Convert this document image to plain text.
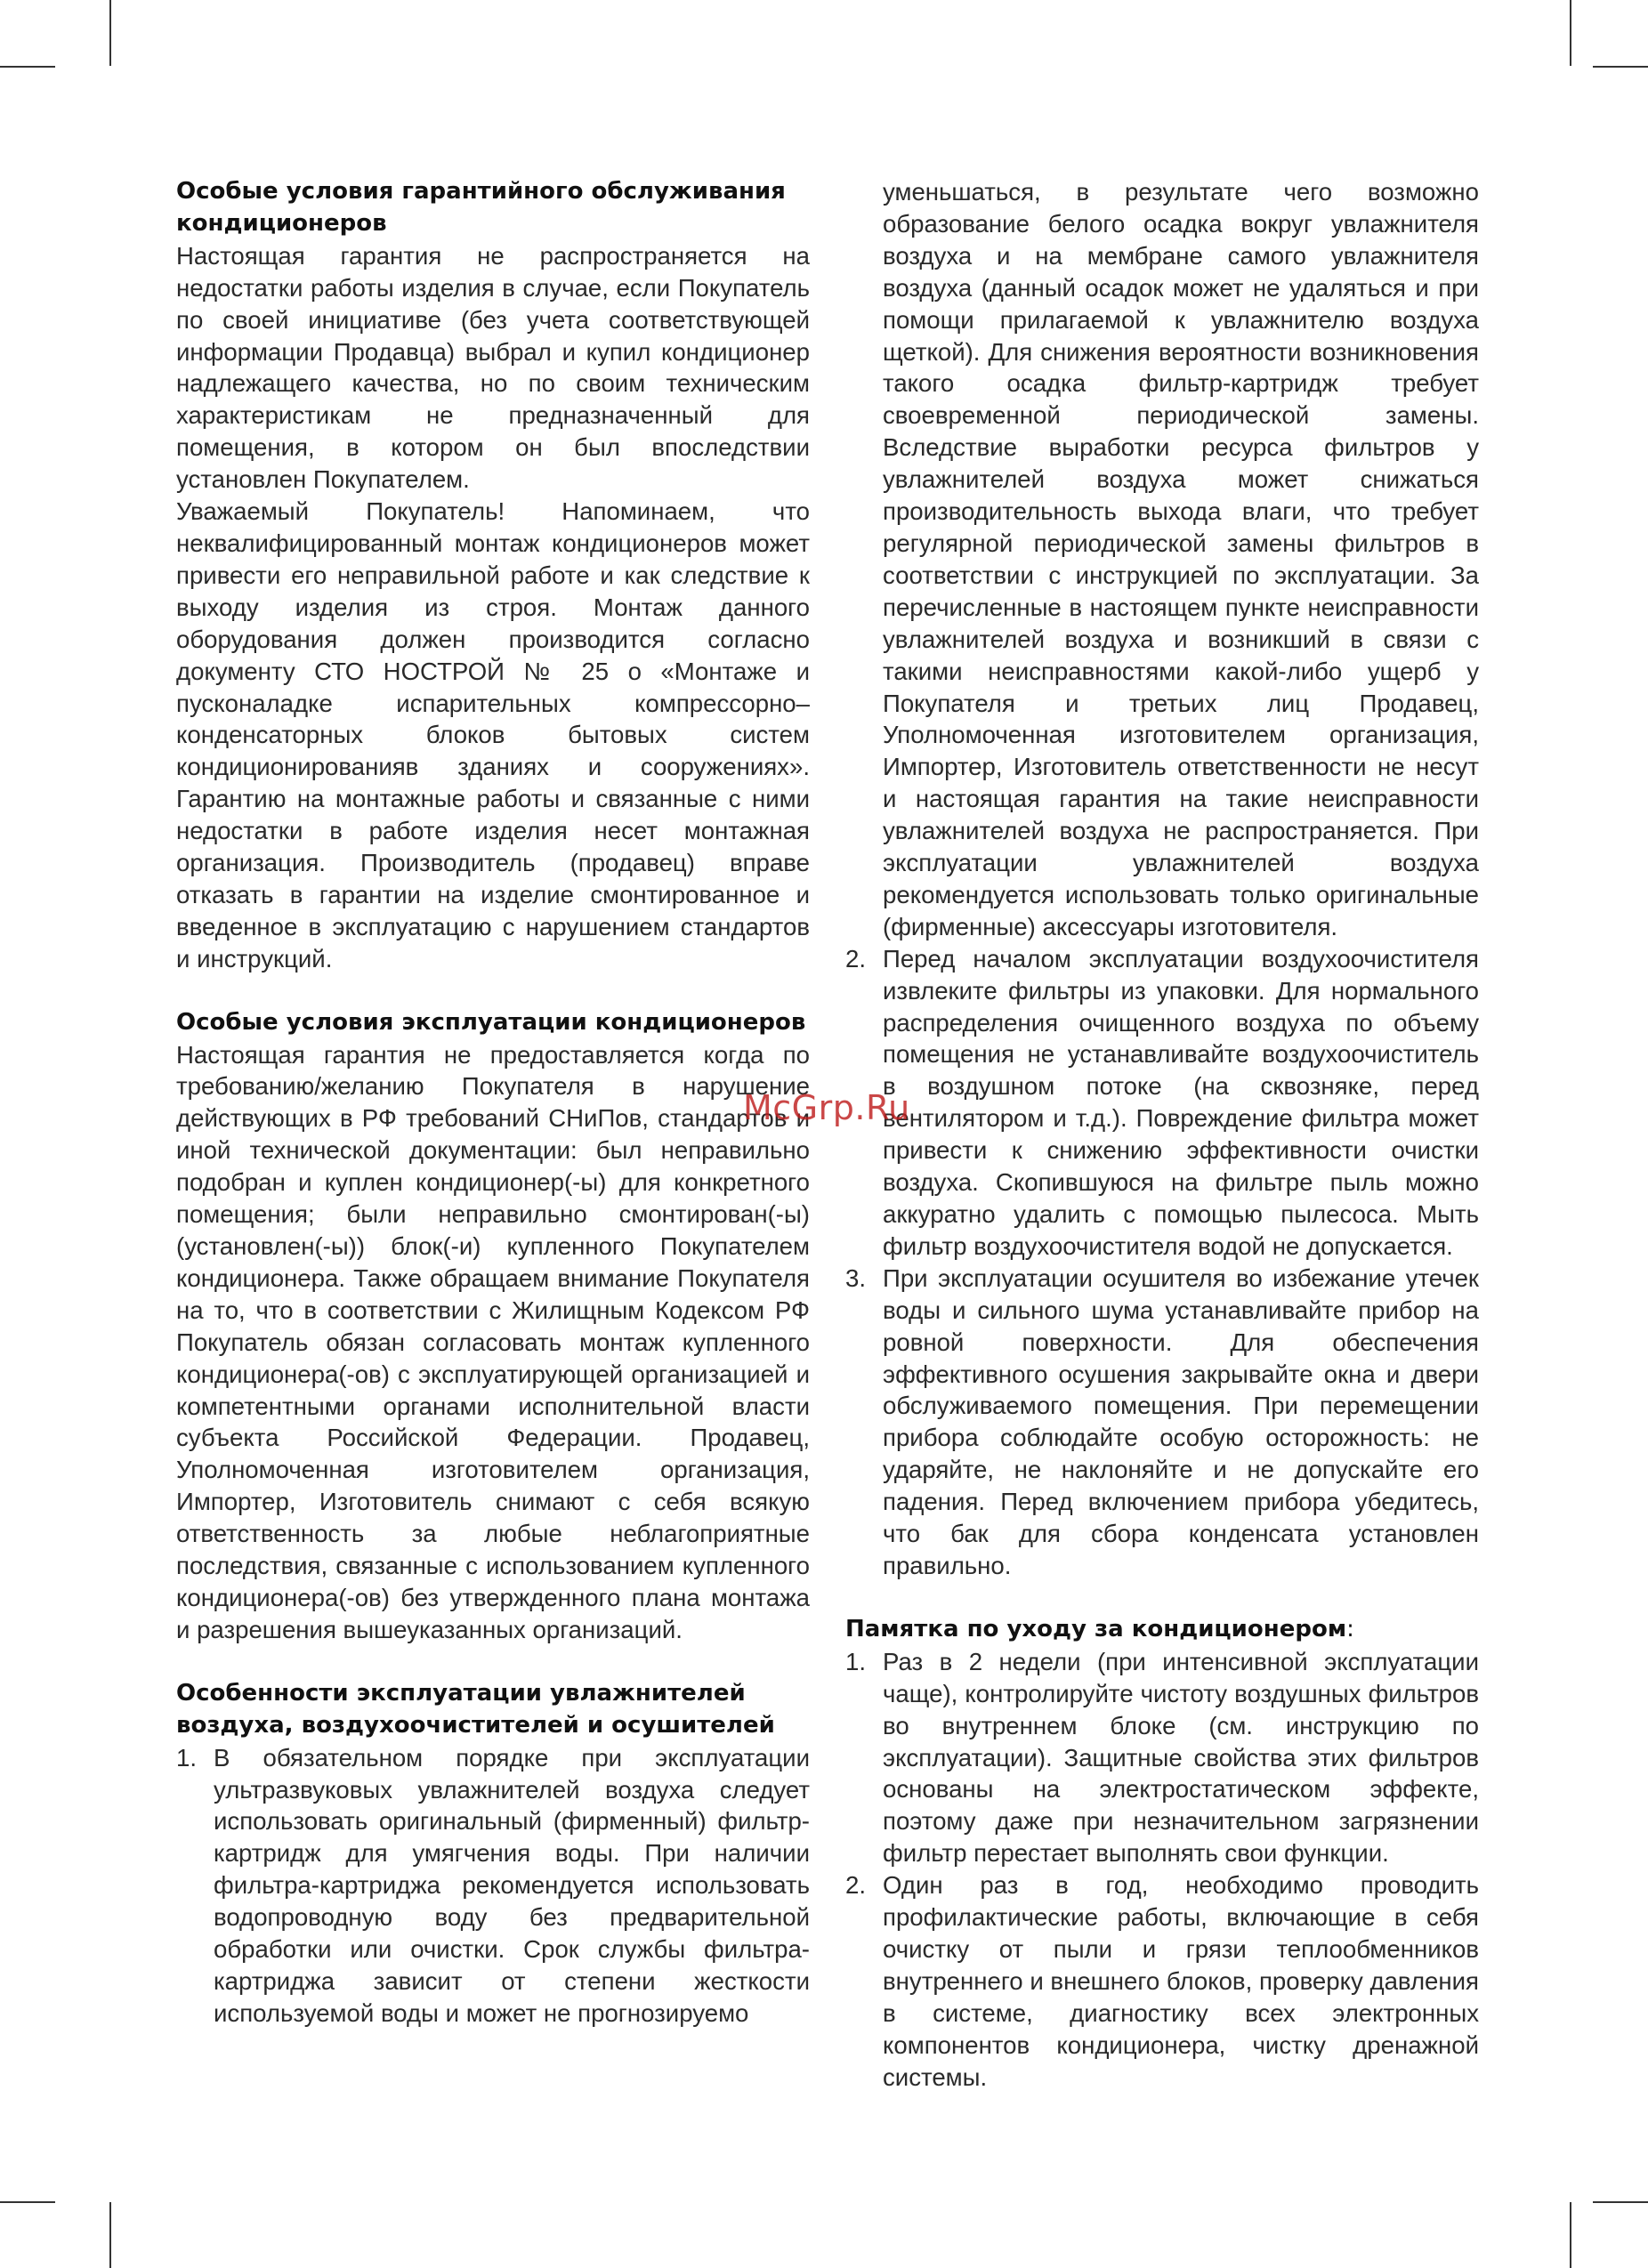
Особые условия гарантийного обслуживания кондиционеров

Настоящая гарантия не распространяется на недостатки работы изделия в случае, если Покупатель по своей инициативе (без учета соответствующей информации Продавца) выбрал и купил кондиционер надлежащего качества, но по своим техническим характеристикам не предназначенный для помещения, в котором он был впоследствии установлен Покупателем.

Уважаемый Покупатель! Напоминаем, что неквалифицированный монтаж кондиционеров может привести его неправильной работе и как следствие к выходу изделия из строя. Монтаж данного оборудования должен производится согласно документу СТО НОСТРОЙ № 25 о «Монтаже и пусконаладке испарительных компрессорно–конденсаторных блоков бытовых систем кондиционированияв зданиях и сооружениях». Гарантию на монтажные работы и связанные с ними недостатки в работе изделия несет монтажная организация. Производитель (продавец) вправе отказать в гарантии на изделие смонтированное и введенное в эксплуатацию с нарушением стандартов и инструкций.

Особые условия эксплуатации кондиционеров

Настоящая гарантия не предоставляется когда по требованию/желанию Покупателя в нарушение действующих в РФ требований СНиПов, стандартов и иной технической документации: был неправильно подобран и куплен кондиционер(-ы) для конкретного помещения; были неправильно смонтирован(-ы) (установлен(-ы)) блок(-и) купленного Покупателем кондиционера. Также обращаем внимание Покупателя на то, что в соответствии с Жилищным Кодексом РФ Покупатель обязан согласовать монтаж купленного кондиционера(-ов) с эксплуатирующей организацией и компетентными органами исполнительной власти субъекта Российской Федерации. Продавец, Уполномоченная изготовителем организация, Импортер, Изготовитель снимают с себя всякую ответственность за любые неблагоприятные последствия, связанные с использованием купленного кондиционера(-ов) без утвержденного плана монтажа и разрешения вышеуказанных организаций.

Особенности эксплуатации увлажнителей воздуха, воздухоочистителей и осушителей
1. В обязательном порядке при эксплуатации ультразвуковых увлажнителей воздуха следует использовать оригинальный (фирменный) фильтр-картридж для умягчения воды. При наличии фильтра-картриджа рекомендуется использовать водопроводную воду без предварительной обработки или очистки. Срок службы фильтра-картриджа зависит от степени жесткости используемой воды и может не прогнозируемо
уменьшаться, в результате чего возможно образование белого осадка вокруг увлажнителя воздуха и на мембране самого увлажнителя воздуха (данный осадок может не удаляться и при помощи прилагаемой к увлажнителю воздуха щеткой). Для снижения вероятности возникновения такого осадка фильтр-картридж требует своевременной периодической замены. Вследствие выработки ресурса фильтров у увлажнителей воздуха может снижаться производительность выхода влаги, что требует регулярной периодической замены фильтров в соответствии с инструкцией по эксплуатации. За перечисленные в настоящем пункте неисправности увлажнителей воздуха и возникший в связи с такими неисправностями какой-либо ущерб у Покупателя и третьих лиц Продавец, Уполномоченная изготовителем организация, Импортер, Изготовитель ответственности не несут и настоящая гарантия на такие неисправности увлажнителей воздуха не распространяется. При эксплуатации увлажнителей воздуха рекомендуется использовать только оригинальные (фирменные) аксессуары изготовителя.
2. Перед началом эксплуатации воздухоочистителя извлеките фильтры из упаковки. Для нормального распределения очищенного воздуха по объему помещения не устанавливайте воздухоочиститель в воздушном потоке (на сквозняке, перед вентилятором и т.д.). Повреждение фильтра может привести к снижению эффективности очистки воздуха. Скопившуюся на фильтре пыль можно аккуратно удалить с помощью пылесоса. Мыть фильтр воздухоочистителя водой не допускается.
3. При эксплуатации осушителя во избежание утечек воды и сильного шума устанавливайте прибор на ровной поверхности. Для обеспечения эффективного осушения закрывайте окна и двери обслуживаемого помещения. При перемещении прибора соблюдайте особую осторожность: не ударяйте, не наклоняйте и не допускайте его падения. Перед включением прибора убедитесь, что бак для сбора конденсата установлен правильно.
Памятка по уходу за кондиционером:
1. Раз в 2 недели (при интенсивной эксплуатации чаще), контролируйте чистоту воздушных фильтров во внутреннем блоке (см. инструкцию по эксплуатации). Защитные свойства этих фильтров основаны на электростатическом эффекте, поэтому даже при незначительном загрязнении фильтр перестает выполнять свои функции.
2. Один раз в год, необходимо проводить профилактические работы, включающие в себя очистку от пыли и грязи теплообменников внутреннего и внешнего блоков, проверку давления в системе, диагностику всех электронных компонентов кондиционера, чистку дренажной системы.
McGrp.Ru
